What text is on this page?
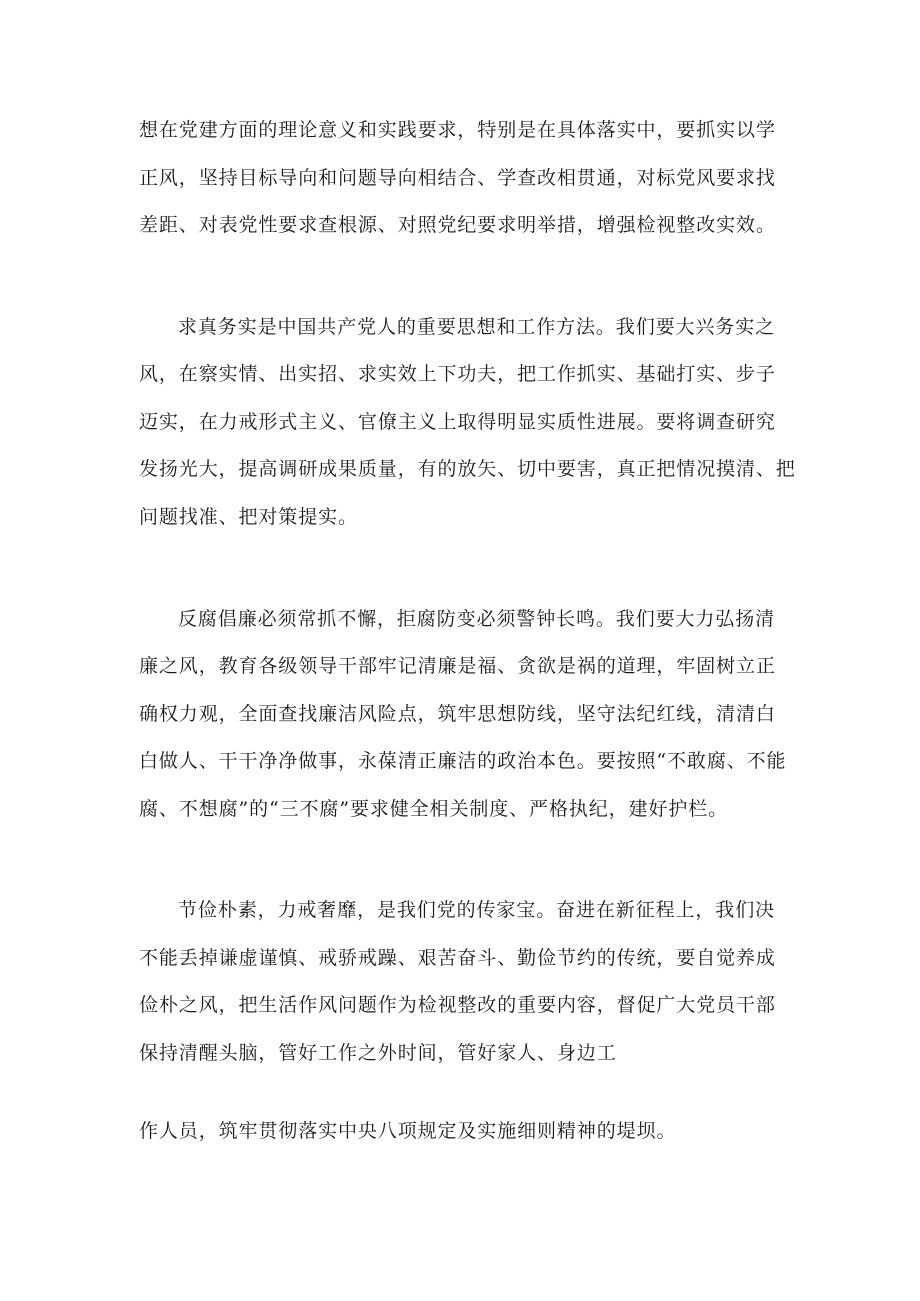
想在党建方面的理论意义和实践要求，特别是在具体落实中，要抓实以学
正风，坚持目标导向和问题导向相结合、学查改相贯通，对标党风要求找
差距、对表党性要求查根源、对照党纪要求明举措，增强检视整改实效。
求真务实是中国共产党人的重要思想和工作方法。我们要大兴务实之
风，在察实情、出实招、求实效上下功夫，把工作抓实、基础打实、步子
迈实，在力戒形式主义、官僚主义上取得明显实质性进展。要将调查研究
发扬光大，提高调研成果质量，有的放矢、切中要害，真正把情况摸清、把
问题找准、把对策提实。
反腐倡廉必须常抓不懈，拒腐防变必须警钟长鸣。我们要大力弘扬清
廉之风，教育各级领导干部牢记清廉是福、贪欲是祸的道理，牢固树立正
确权力观，全面查找廉洁风险点，筑牢思想防线，坚守法纪红线，清清白
白做人、干干净净做事，永葆清正廉洁的政治本色。要按照“不敢腐、不能
腐、不想腐”的“三不腐”要求健全相关制度、严格执纪，建好护栏。
节俭朴素，力戒奢靡，是我们党的传家宝。奋进在新征程上，我们决
不能丢掉谦虚谨慎、戒骄戒躁、艰苦奋斗、勤俭节约的传统，要自觉养成
俭朴之风，把生活作风问题作为检视整改的重要内容，督促广大党员干部
保持清醒头脑，管好工作之外时间，管好家人、身边工
作人员，筑牢贯彻落实中央八项规定及实施细则精神的堤坝。
